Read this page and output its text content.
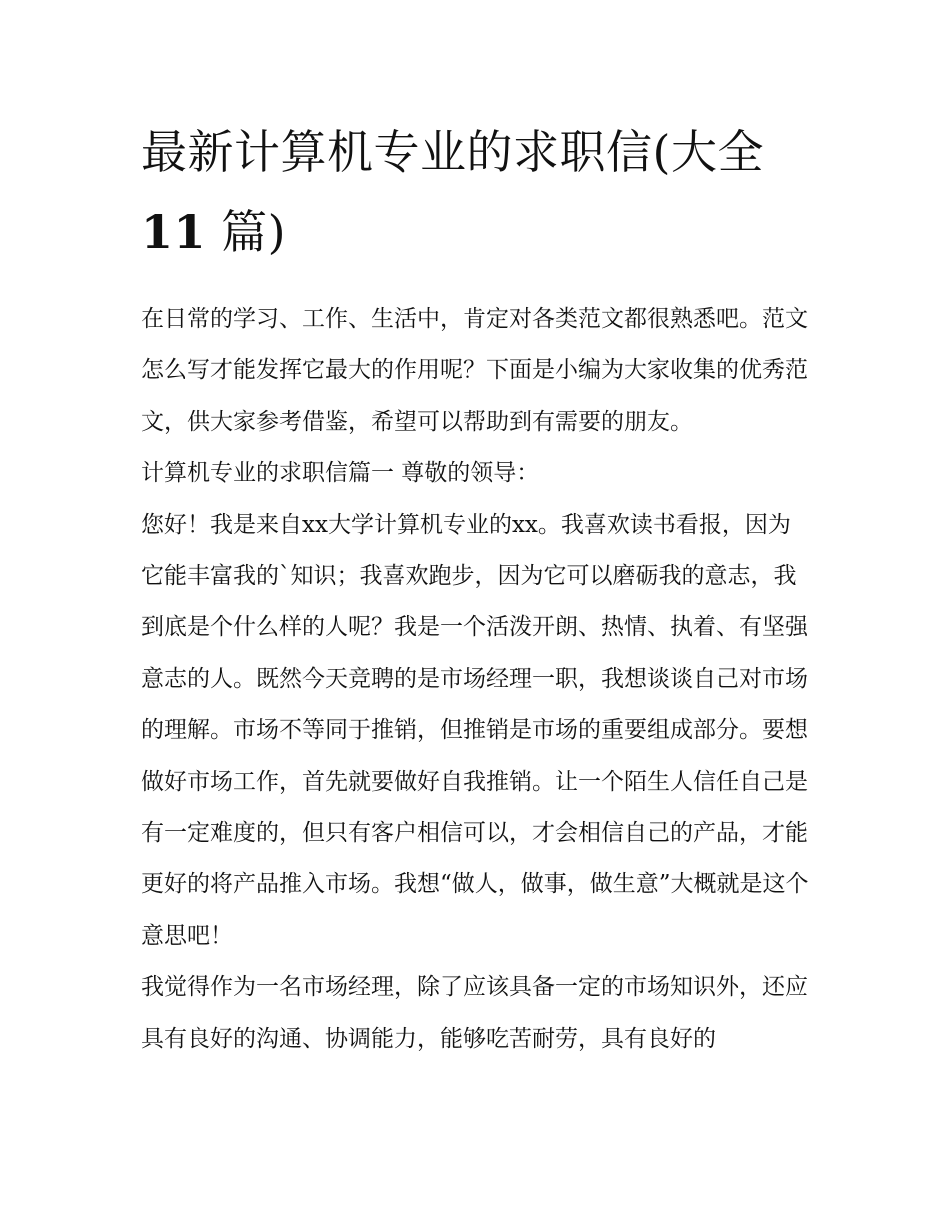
最新计算机专业的求职信(大全
11 篇)

在日常的学习、工作、生活中，肯定对各类范文都很熟悉吧。范文怎么写才能发挥它最大的作用呢？下面是小编为大家收集的优秀范文，供大家参考借鉴，希望可以帮助到有需要的朋友。

计算机专业的求职信篇一 尊敬的领导：

您好！我是来自xx大学计算机专业的xx。我喜欢读书看报，因为它能丰富我的`知识；我喜欢跑步，因为它可以磨砺我的意志，我到底是个什么样的人呢？我是一个活泼开朗、热情、执着、有坚强意志的人。既然今天竞聘的是市场经理一职，我想谈谈自己对市场的理解。市场不等同于推销，但推销是市场的重要组成部分。要想做好市场工作，首先就要做好自我推销。让一个陌生人信任自己是有一定难度的，但只有客户相信可以，才会相信自己的产品，才能更好的将产品推入市场。我想“做人，做事，做生意”大概就是这个意思吧！

我觉得作为一名市场经理，除了应该具备一定的市场知识外，还应具有良好的沟通、协调能力，能够吃苦耐劳，具有良好的
